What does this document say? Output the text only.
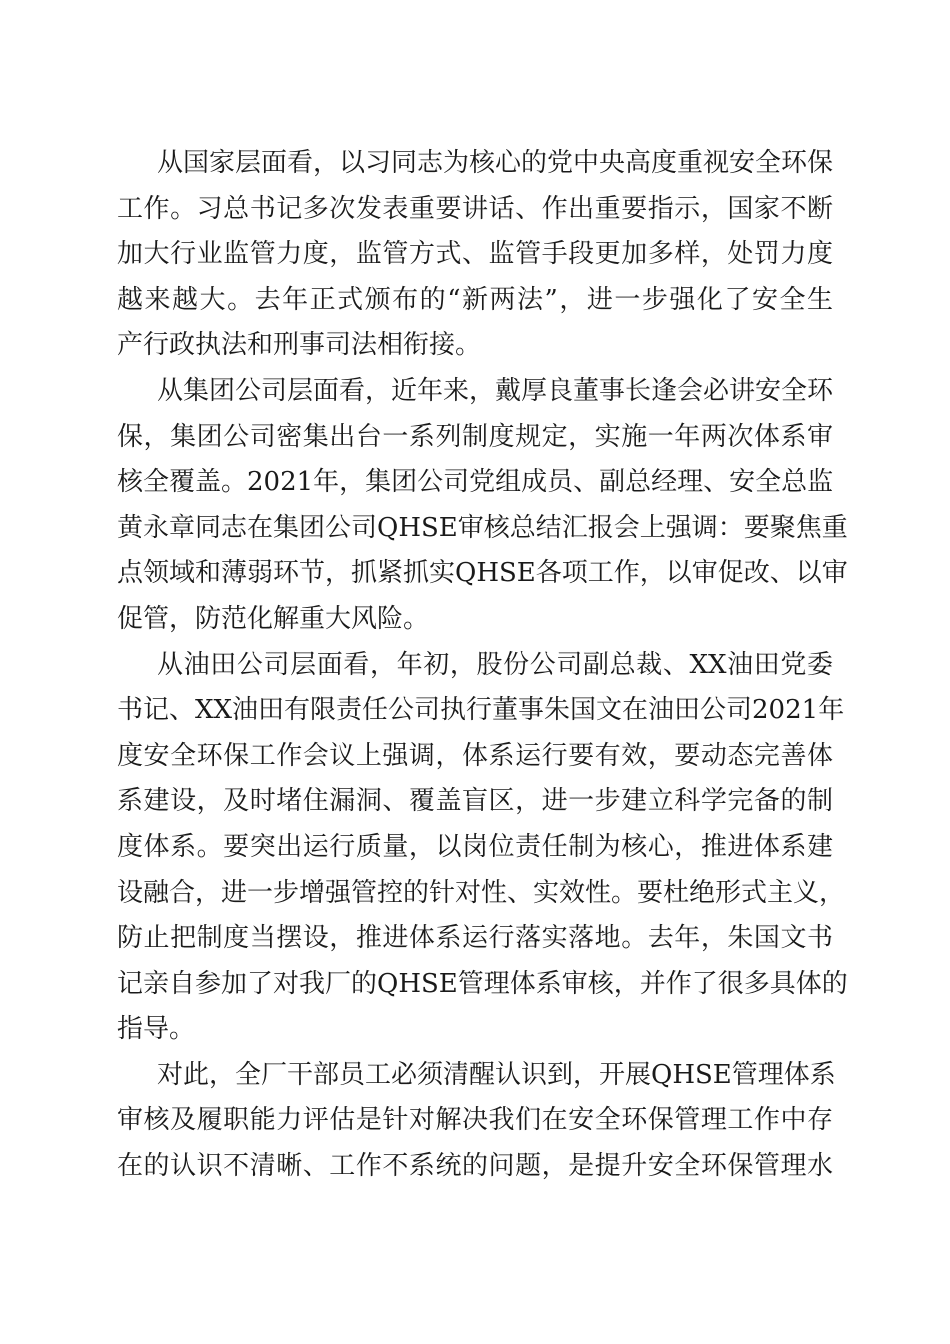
从国家层面看，以习同志为核心的党中央高度重视安全环保
工作。习总书记多次发表重要讲话、作出重要指示，国家不断
加大行业监管力度，监管方式、监管手段更加多样，处罚力度
越来越大。去年正式颁布的“新两法”，进一步强化了安全生
产行政执法和刑事司法相衔接。
从集团公司层面看，近年来，戴厚良董事长逢会必讲安全环
保，集团公司密集出台一系列制度规定，实施一年两次体系审
核全覆盖。2021年，集团公司党组成员、副总经理、安全总监
黄永章同志在集团公司QHSE审核总结汇报会上强调：要聚焦重
点领域和薄弱环节，抓紧抓实QHSE各项工作，以审促改、以审
促管，防范化解重大风险。
从油田公司层面看，年初，股份公司副总裁、XX油田党委
书记、XX油田有限责任公司执行董事朱国文在油田公司2021年
度安全环保工作会议上强调，体系运行要有效，要动态完善体
系建设，及时堵住漏洞、覆盖盲区，进一步建立科学完备的制
度体系。要突出运行质量，以岗位责任制为核心，推进体系建
设融合，进一步增强管控的针对性、实效性。要杜绝形式主义，
防止把制度当摆设，推进体系运行落实落地。去年，朱国文书
记亲自参加了对我厂的QHSE管理体系审核，并作了很多具体的
指导。
对此，全厂干部员工必须清醒认识到，开展QHSE管理体系
审核及履职能力评估是针对解决我们在安全环保管理工作中存
在的认识不清晰、工作不系统的问题，是提升安全环保管理水
